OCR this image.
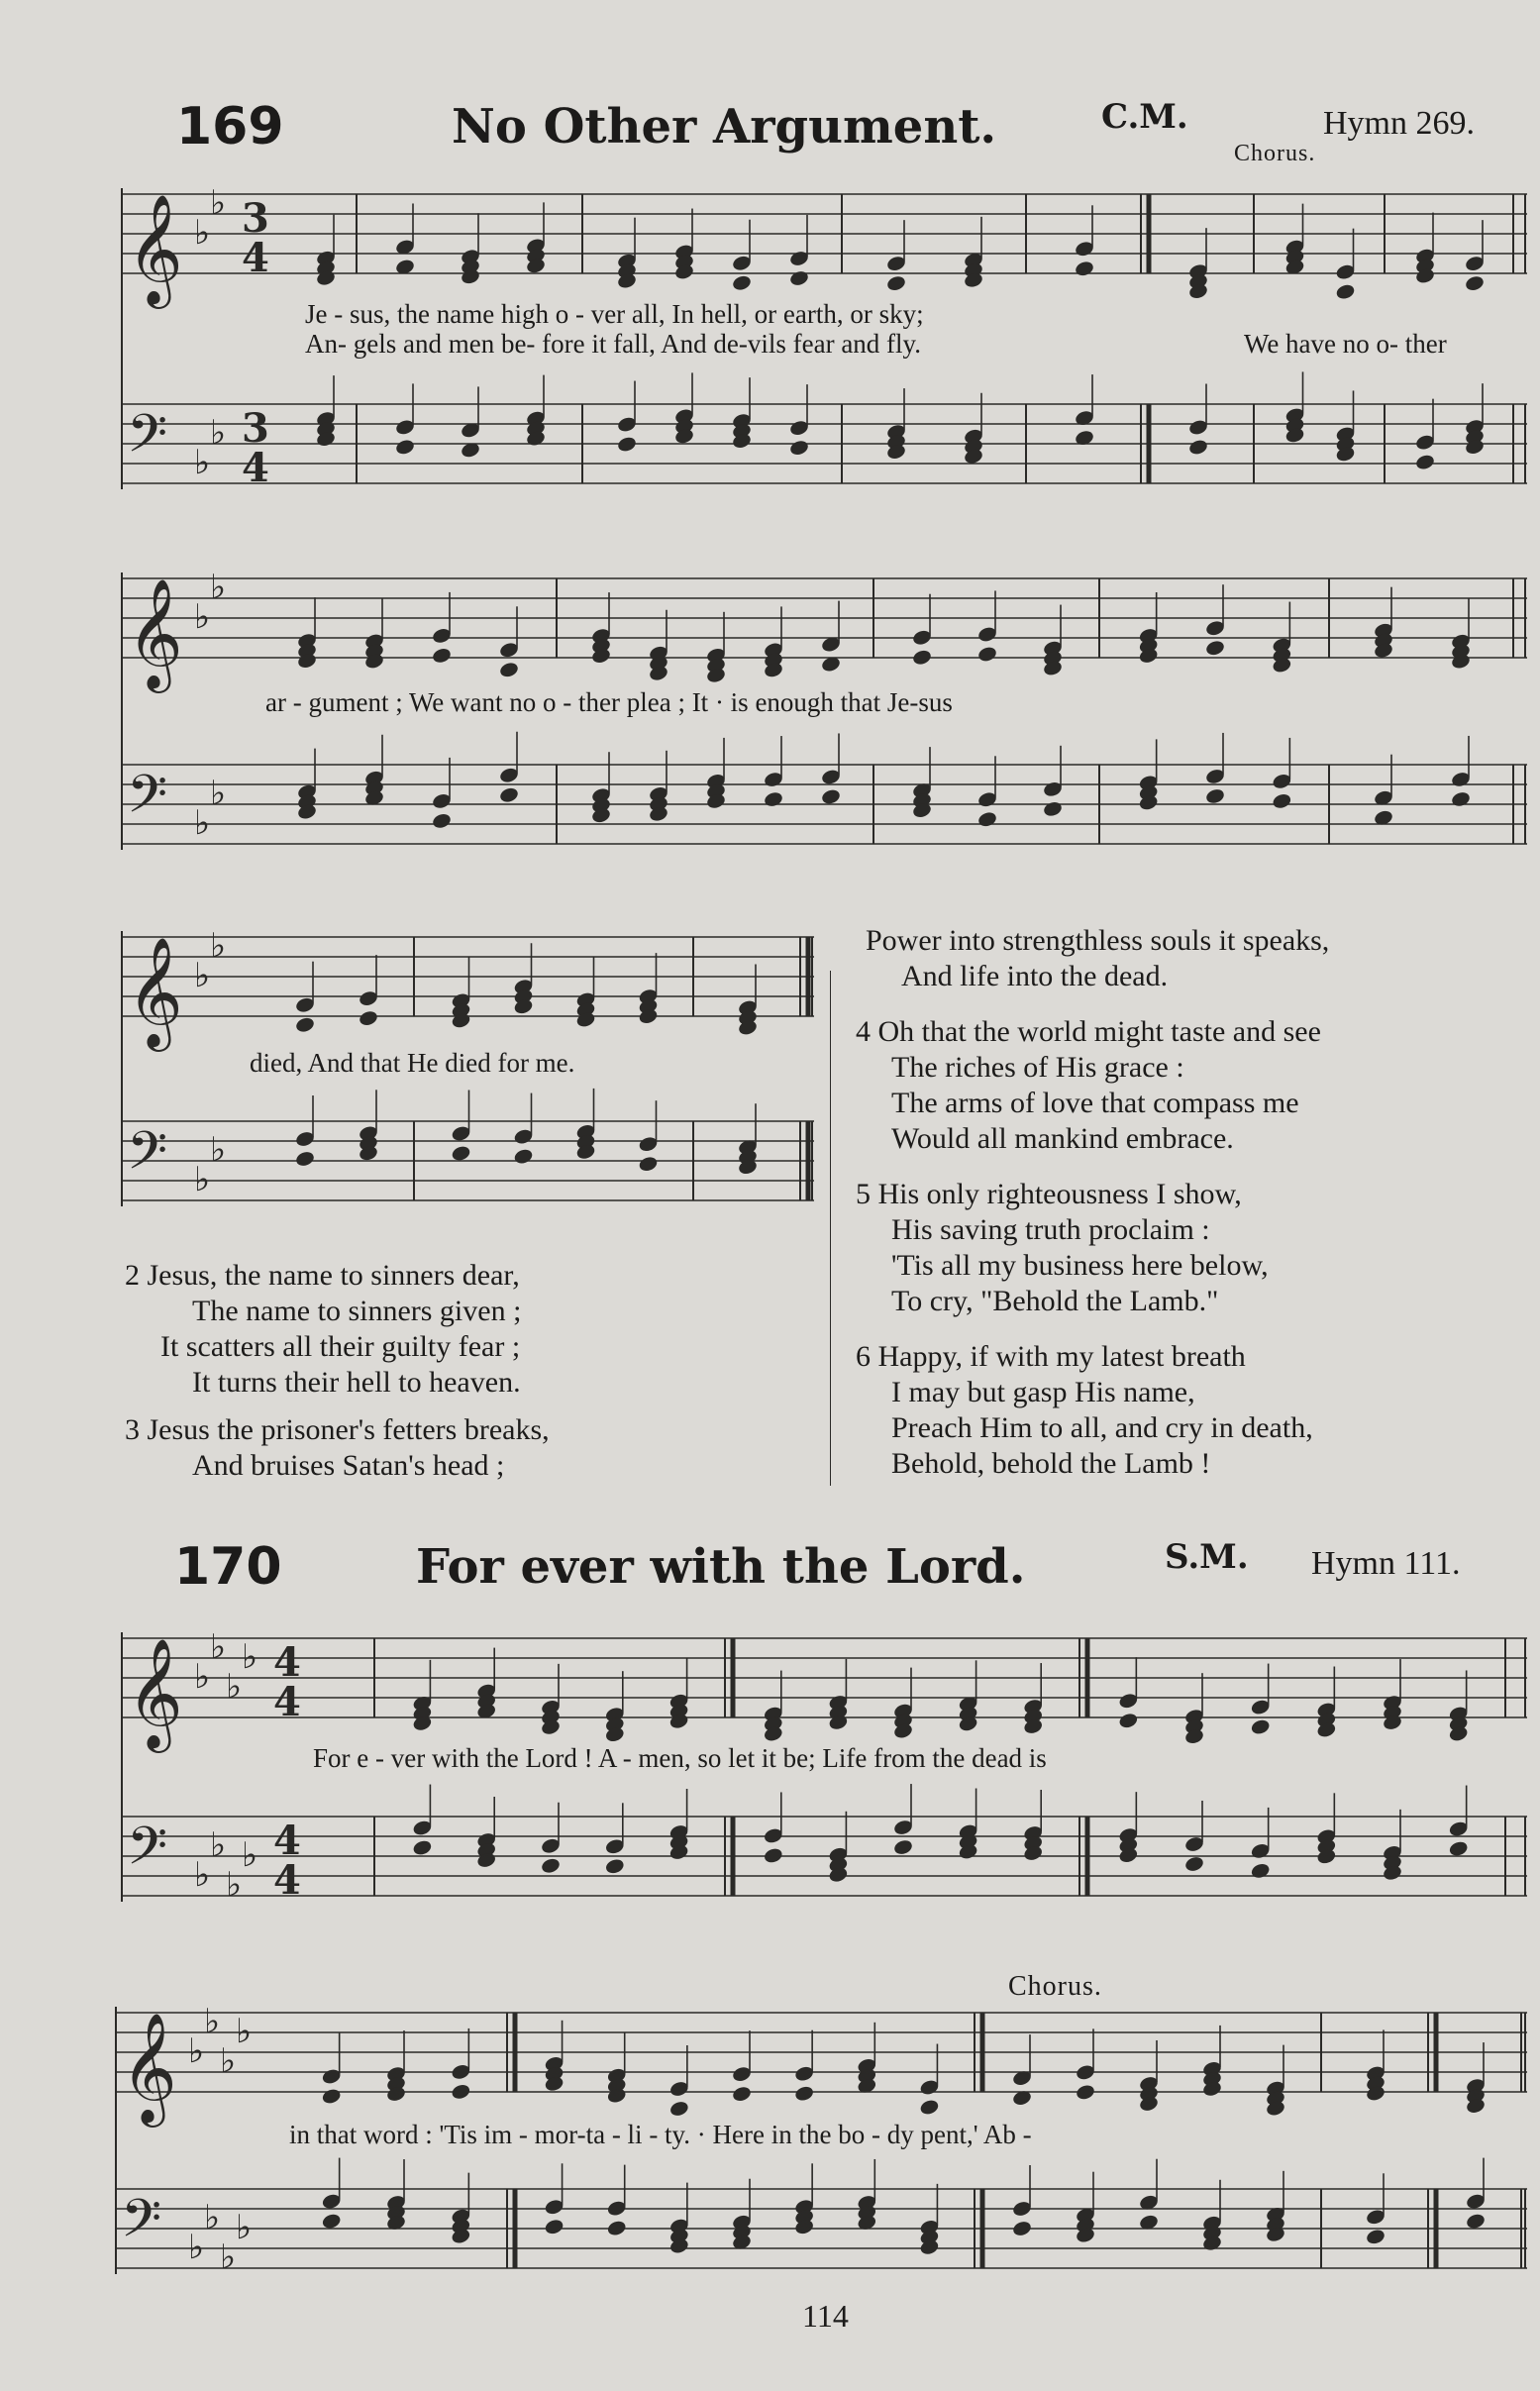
169	No Other Argument.	C.M.	Hymn 269.
Chorus.
𝄞 ♭
♭ 3
4
Je - sus, the name high o - ver all, In hell, or earth, or sky;
An- gels and men be- fore it fall, And de-vils fear and fly.	We have no o- ther
𝄢 ♭
♭ 3
4
𝄞 ♭
♭
ar - gument ; We want no o - ther plea ; It · is enough that Je-sus
𝄢 ♭
♭
𝄞 ♭
♭
died, And that He died for me.
𝄢 ♭
♭
Power into strengthless souls it speaks,
And life into the dead.
4 Oh that the world might taste and see
The riches of His grace :
The arms of love that compass me
Would all mankind embrace.
5 His only righteousness I show,
His saving truth proclaim :
'Tis all my business here below,
To cry, "Behold the Lamb."
6 Happy, if with my latest breath
I may but gasp His name,
Preach Him to all, and cry in death,
Behold, behold the Lamb !
2 Jesus, the name to sinners dear,
The name to sinners given ;
It scatters all their guilty fear ;
It turns their hell to heaven.
3 Jesus the prisoner's fetters breaks,
And bruises Satan's head ;
170	For ever with the Lord.	S.M. Hymn 111.
𝄞 ♭
♭
♭
♭ 4
4
For e - ver with the Lord ! A - men, so let it be; Life from the dead is
𝄢 ♭
♭
♭
♭ 4
4
Chorus.
𝄞 ♭
♭
♭
♭
in that word : 'Tis im - mor-ta - li - ty. · Here in the bo - dy pent,' Ab -
𝄢 ♭
♭
♭
♭
114
